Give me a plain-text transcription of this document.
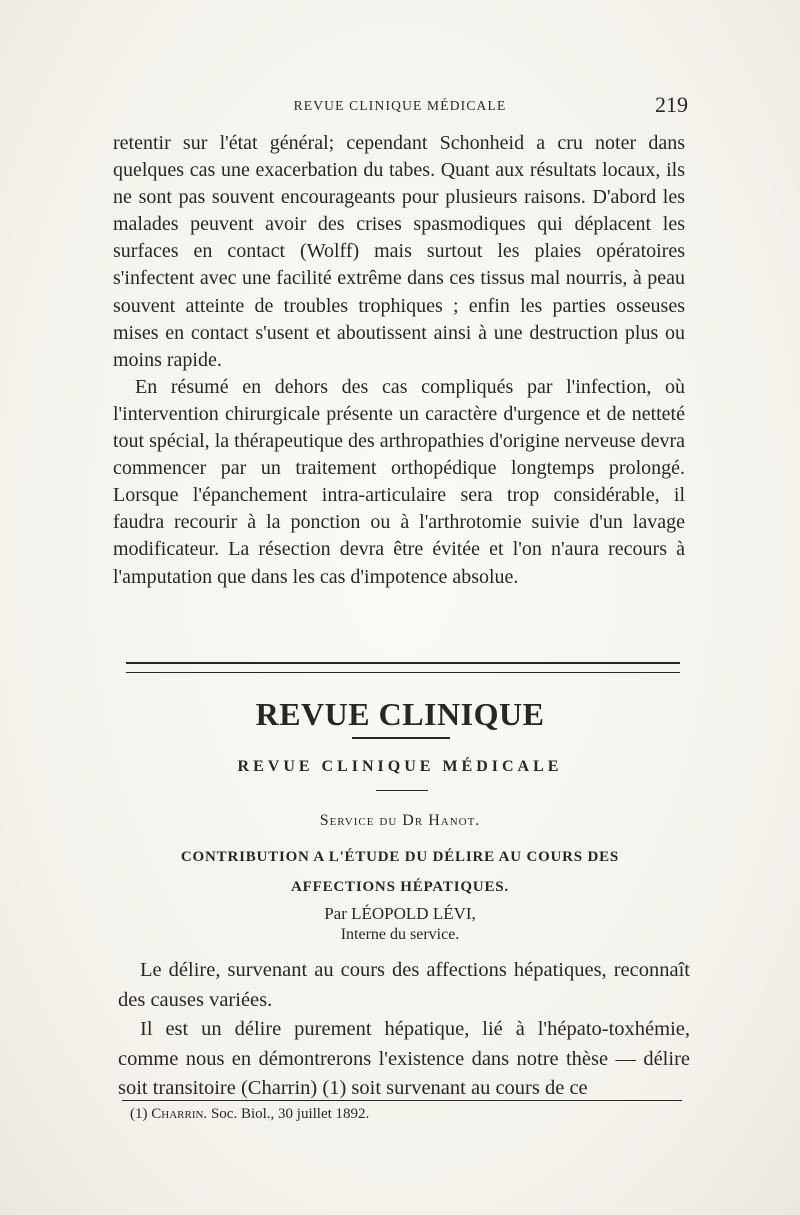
REVUE CLINIQUE MÉDICALE	219

retentir sur l'état général; cependant Schonheid a cru noter dans quelques cas une exacerbation du tabes. Quant aux résultats locaux, ils ne sont pas souvent encourageants pour plusieurs raisons. D'abord les malades peuvent avoir des crises spasmodiques qui déplacent les surfaces en contact (Wolff) mais surtout les plaies opératoires s'infectent avec une facilité extrême dans ces tissus mal nourris, à peau souvent atteinte de troubles trophiques ; enfin les parties osseuses mises en contact s'usent et aboutissent ainsi à une destruction plus ou moins rapide.

En résumé en dehors des cas compliqués par l'infection, où l'intervention chirurgicale présente un caractère d'urgence et de netteté tout spécial, la thérapeutique des arthropathies d'origine nerveuse devra commencer par un traitement orthopédique longtemps prolongé. Lorsque l'épanchement intra-articulaire sera trop considérable, il faudra recourir à la ponction ou à l'arthrotomie suivie d'un lavage modificateur. La résection devra être évitée et l'on n'aura recours à l'amputation que dans les cas d'impotence absolue.

REVUE CLINIQUE
REVUE CLINIQUE MÉDICALE
Service du Dr Hanot.
CONTRIBUTION A L'ÉTUDE DU DÉLIRE AU COURS DES
AFFECTIONS HÉPATIQUES.
Par LÉOPOLD LÉVI,
Interne du service.

Le délire, survenant au cours des affections hépatiques, reconnaît des causes variées.

Il est un délire purement hépatique, lié à l'hépato-toxhémie, comme nous en démontrerons l'existence dans notre thèse — délire soit transitoire (Charrin) (1) soit survenant au cours de ce

(1) Charrin. Soc. Biol., 30 juillet 1892.
